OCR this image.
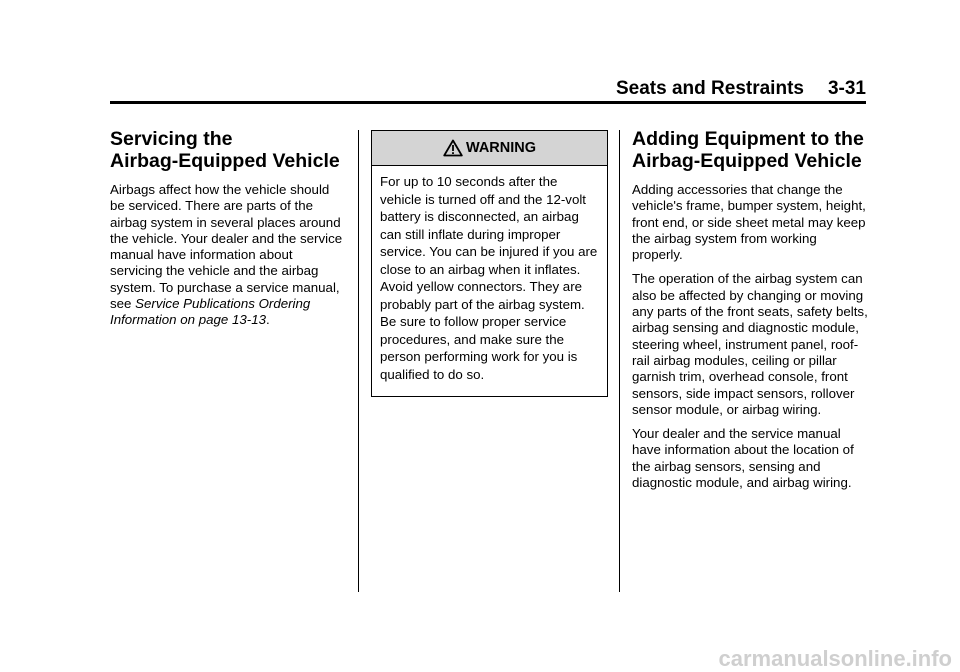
Seats and Restraints 3-31
Servicing the
Airbag-Equipped Vehicle

Airbags affect how the vehicle should be serviced. There are parts of the airbag system in several places around the vehicle. Your dealer and the service manual have information about servicing the vehicle and the airbag system. To purchase a service manual, see Service Publications Ordering Information on page 13-13.

WARNING

For up to 10 seconds after the vehicle is turned off and the 12-volt battery is disconnected, an airbag can still inflate during improper service. You can be injured if you are close to an airbag when it inflates. Avoid yellow connectors. They are probably part of the airbag system. Be sure to follow proper service procedures, and make sure the person performing work for you is qualified to do so.

Adding Equipment to the
Airbag-Equipped Vehicle

Adding accessories that change the vehicle's frame, bumper system, height, front end, or side sheet metal may keep the airbag system from working properly.

The operation of the airbag system can also be affected by changing or moving any parts of the front seats, safety belts, airbag sensing and diagnostic module, steering wheel, instrument panel, roof-rail airbag modules, ceiling or pillar garnish trim, overhead console, front sensors, side impact sensors, rollover sensor module, or airbag wiring.

Your dealer and the service manual have information about the location of the airbag sensors, sensing and diagnostic module, and airbag wiring.

carmanualsonline.info
